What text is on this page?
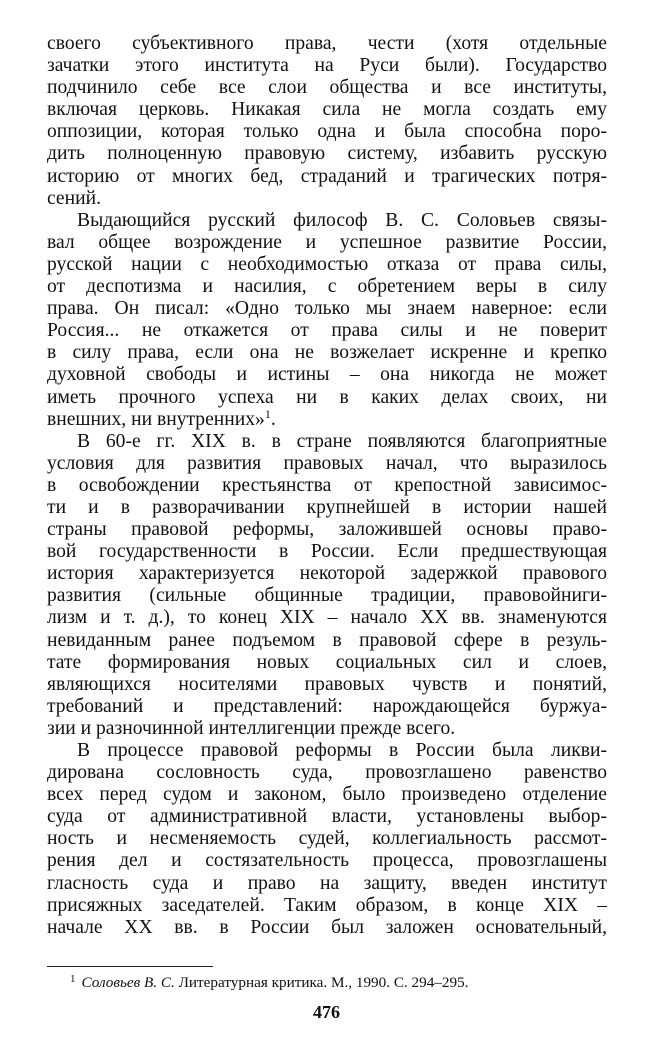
своего субъективного права, чести (хотя отдельные
зачатки этого института на Руси были). Государство
подчинило себе все слои общества и все институты,
включая церковь. Никакая сила не могла создать ему
оппозиции, которая только одна и была способна поро-
дить полноценную правовую систему, избавить русскую
историю от многих бед, страданий и трагических потря-
сений.
Выдающийся русский философ В. С. Соловьев связы-
вал общее возрождение и успешное развитие России,
русской нации с необходимостью отказа от права силы,
от деспотизма и насилия, с обретением веры в силу
права. Он писал: «Одно только мы знаем наверное: если
Россия... не откажется от права силы и не поверит
в силу права, если она не возжелает искренне и крепко
духовной свободы и истины – она никогда не может
иметь прочного успеха ни в каких делах своих, ни
внешних, ни внутренних»$^1$.
В 60-е гг. XIX в. в стране появляются благоприятные
условия для развития правовых начал, что выразилось
в освобождении крестьянства от крепостной зависимос-
ти и в разворачивании крупнейшей в истории нашей
страны правовой реформы, заложившей основы право-
вой государственности в России. Если предшествующая
история характеризуется некоторой задержкой правового
развития (сильные общинные традиции, правовойниги-
лизм и т. д.), то конец XIX – начало XX вв. знаменуются
невиданным ранее подъемом в правовой сфере в резуль-
тате формирования новых социальных сил и слоев,
являющихся носителями правовых чувств и понятий,
требований и представлений: нарождающейся буржуа-
зии и разночинной интеллигенции прежде всего.
В процессе правовой реформы в России была ликви-
дирована сословность суда, провозглашено равенство
всех перед судом и законом, было произведено отделение
суда от административной власти, установлены выбор-
ность и несменяемость судей, коллегиальность рассмот-
рения дел и состязательность процесса, провозглашены
гласность суда и право на защиту, введен институт
присяжных заседателей. Таким образом, в конце XIX –
начале XX вв. в России был заложен основательный,
$^1$ Соловьев В. С. Литературная критика. М., 1990. С. 294–295.
476
